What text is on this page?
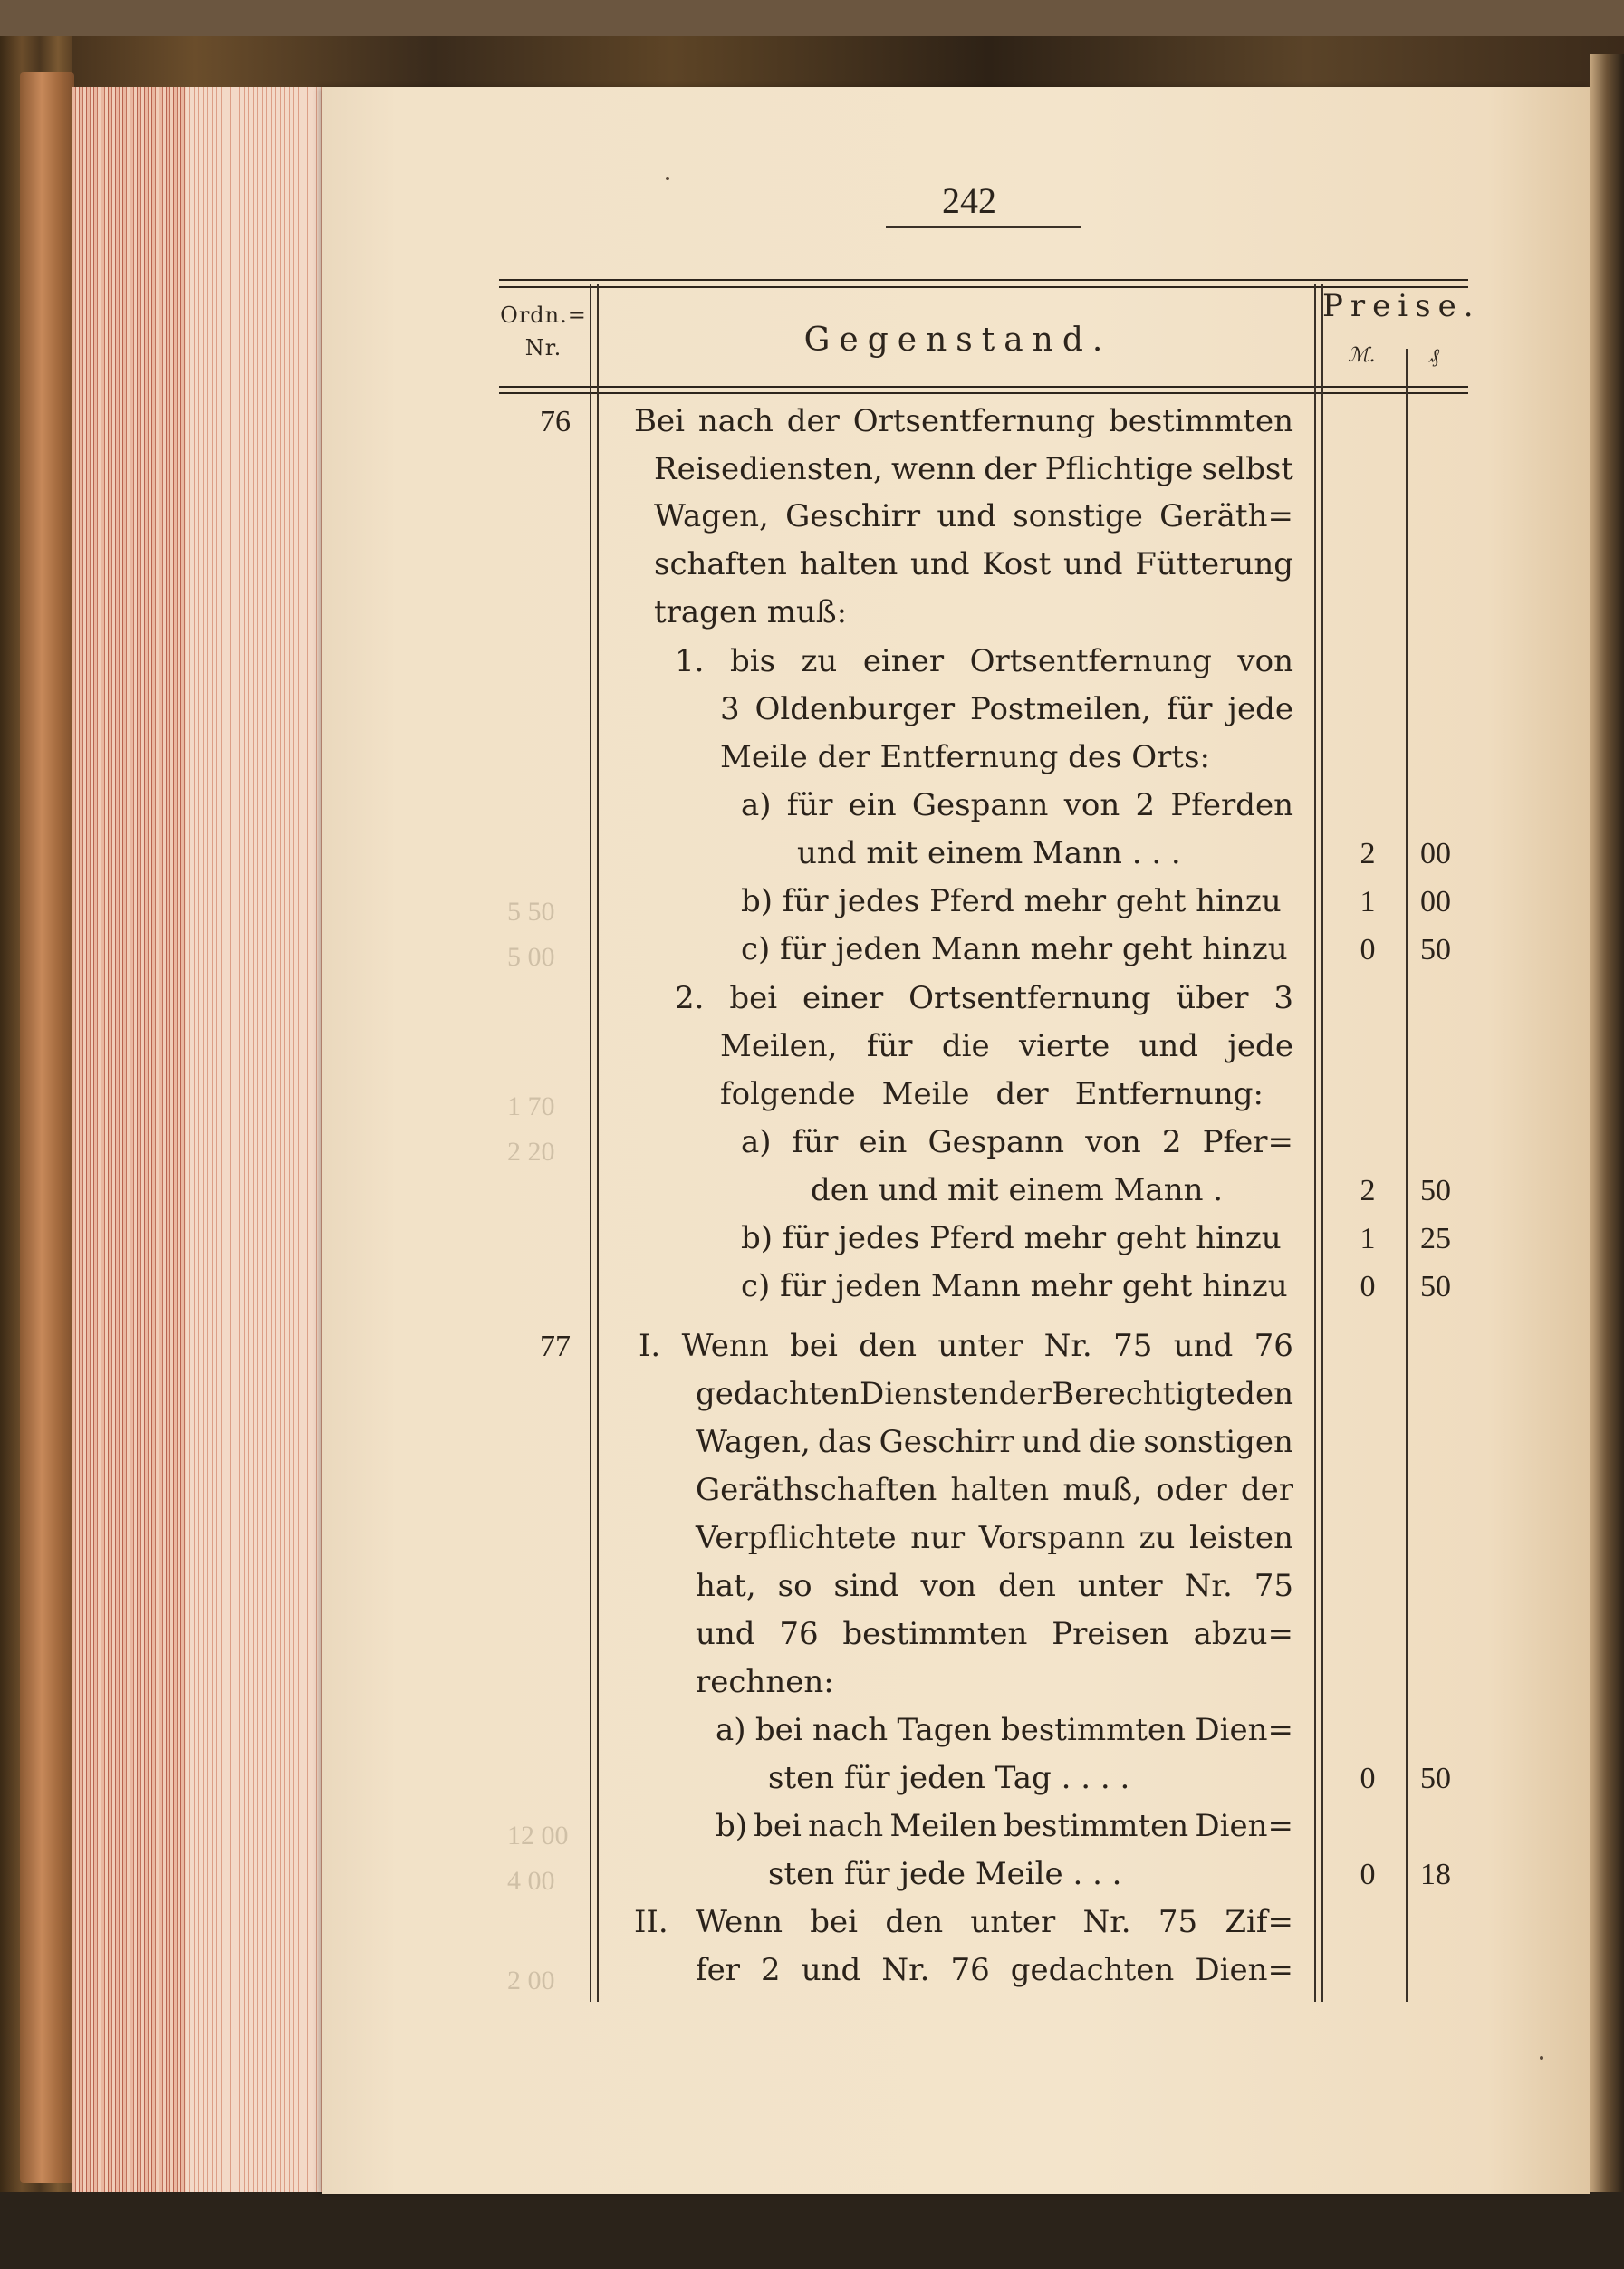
5 50
5 00
1 70
2 20
12 00
4 00
2 00
242
Ordn.=
Nr.	Gegenstand.
Preise.
ℳ.	₰
76 Bei nach der Ortsentfernung bestimmten
Reisediensten, wenn der Pflichtige selbst
Wagen, Geschirr und sonstige Geräth=
schaften halten und Kost und Fütterung
tragen muß:
1. bis zu einer Ortsentfernung von
3 Oldenburger Postmeilen, für jede
Meile der Entfernung des Orts:
a) für ein Gespann von 2 Pferden
und mit einem Mann . . .	2	00
b) für jedes Pferd mehr geht hinzu	1	00
c) für jeden Mann mehr geht hinzu	0	50
2. bei einer Ortsentfernung über 3
Meilen, für die vierte und jede
folgende Meile der Entfernung:
a) für ein Gespann von 2 Pfer=
den und mit einem Mann .	2	50
b) für jedes Pferd mehr geht hinzu	1	25
c) für jeden Mann mehr geht hinzu	0	50
77 I. Wenn bei den unter Nr. 75 und 76
gedachten Diensten der Berechtigte den
Wagen, das Geschirr und die sonstigen
Geräthschaften halten muß, oder der
Verpflichtete nur Vorspann zu leisten
hat, so sind von den unter Nr. 75
und 76 bestimmten Preisen abzu=
rechnen:
a) bei nach Tagen bestimmten Dien=
sten für jeden Tag . . . .	0	50
b) bei nach Meilen bestimmten Dien=
sten für jede Meile . . .	0	18
II. Wenn bei den unter Nr. 75 Zif=
fer 2 und Nr. 76 gedachten Dien=
